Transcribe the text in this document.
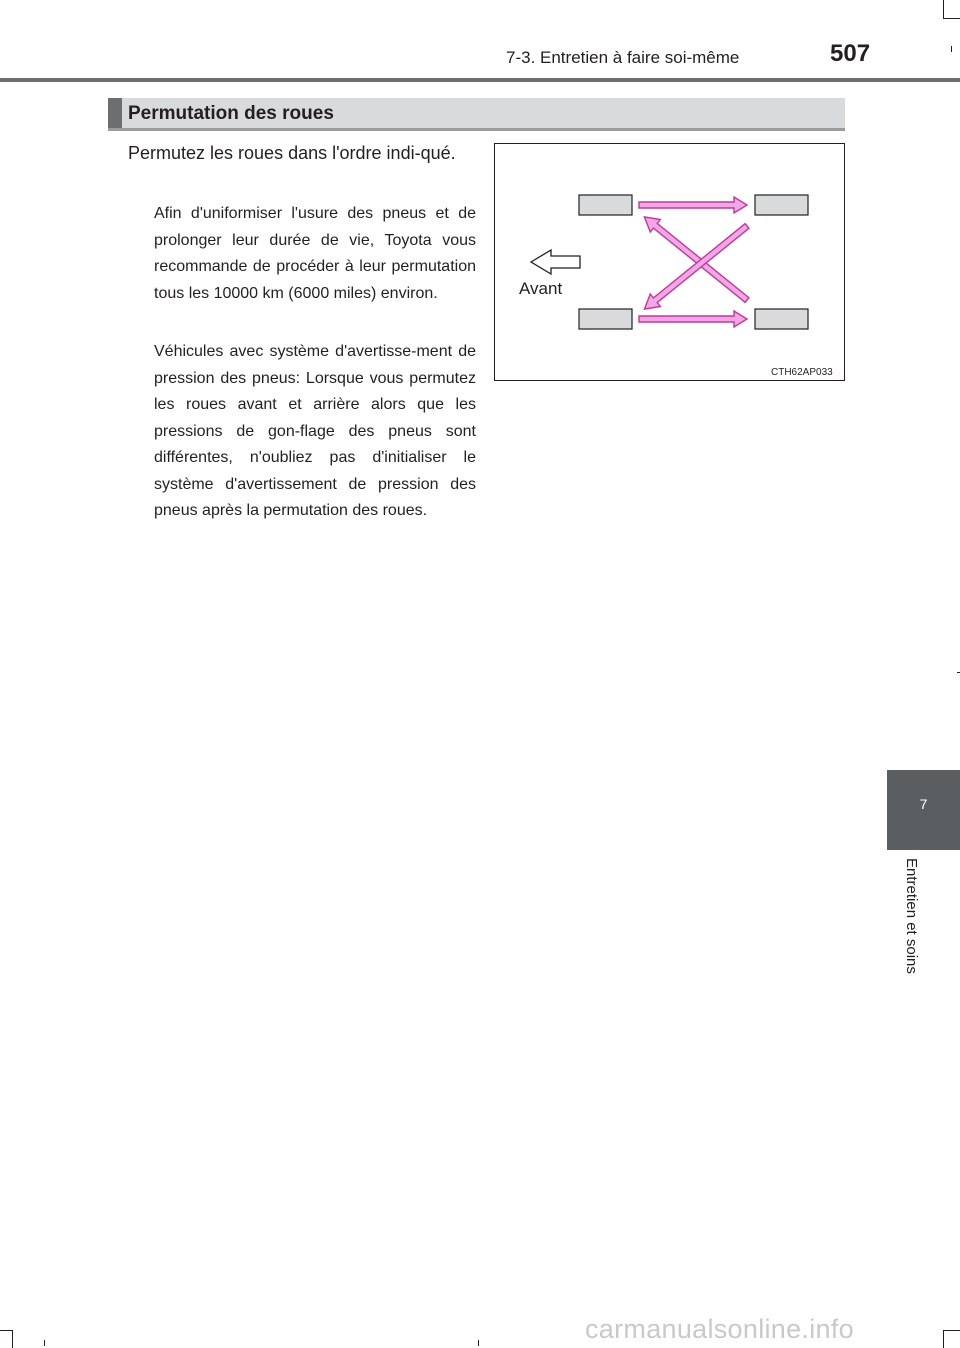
7-3. Entretien à faire soi-même	507
Permutation des roues

Permutez les roues dans l'ordre indi-qué.

Afin d'uniformiser l'usure des pneus et de prolonger leur durée de vie, Toyota vous recommande de procéder à leur permutation tous les 10000 km (6000 miles) environ.

Véhicules avec système d'avertisse-ment de pression des pneus: Lorsque vous permutez les roues avant et arrière alors que les pressions de gon-flage des pneus sont différentes, n'oubliez pas d'initialiser le système d'avertissement de pression des pneus après la permutation des roues.

Avant
CTH62AP033
7
Entretien et soins
carmanualsonline.info
